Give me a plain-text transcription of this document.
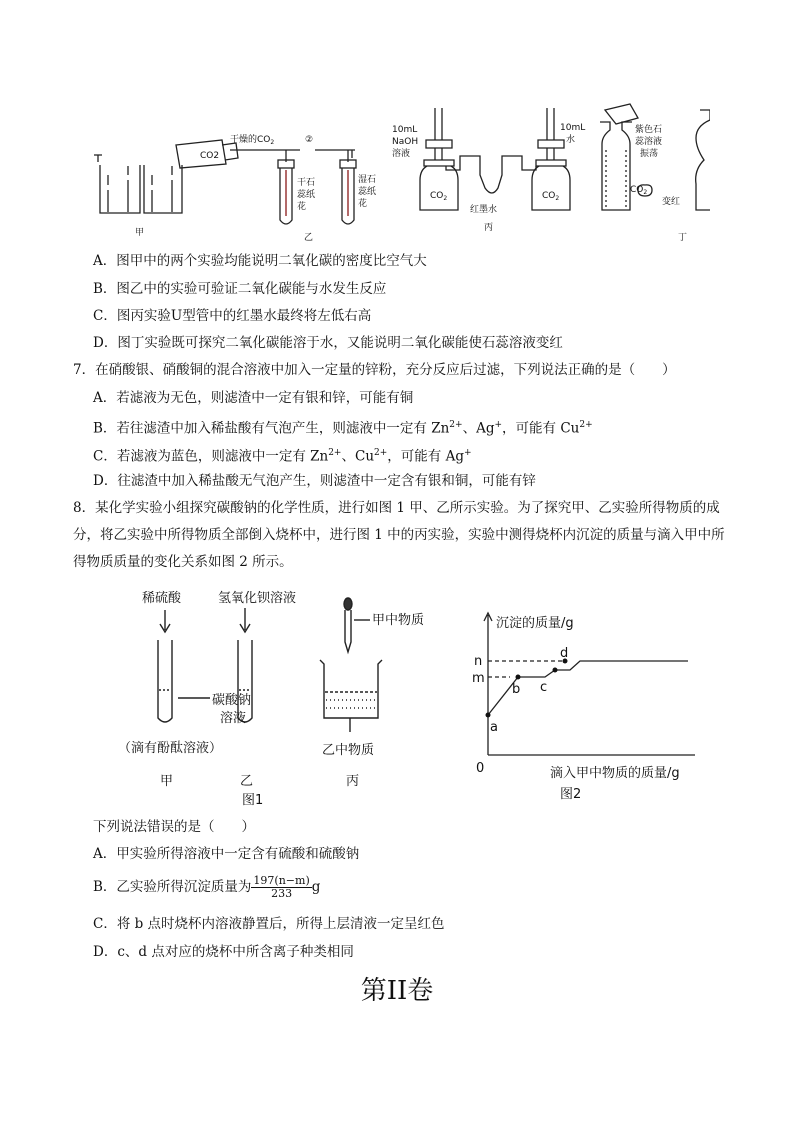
CO2
干燥的$CO_2$	②
干石
蕊纸
花
湿石
蕊纸
花
10mL
NaOH
溶液
10mL
水
$CO_2$	$CO_2$
红墨水
紫色石
蕊溶液
振荡
$CO_2$
变红
甲	乙
丙
丁
A．图甲中的两个实验均能说明二氧化碳的密度比空气大
B．图乙中的实验可验证二氧化碳能与水发生反应
C．图丙实验U型管中的红墨水最终将左低右高
D．图丁实验既可探究二氧化碳能溶于水，又能说明二氧化碳能使石蕊溶液变红
7．在硝酸银、硝酸铜的混合溶液中加入一定量的锌粉，充分反应后过滤，下列说法正确的是（　　）
A．若滤液为无色，则滤渣中一定有银和锌，可能有铜
B．若往滤渣中加入稀盐酸有气泡产生，则滤液中一定有 $Zn^{2+}$、Ag+，可能有 $Cu^{2+}$
C．若滤液为蓝色，则滤液中一定有 $Zn^{2+}$、$Cu^{2+}$，可能有 Ag+
D．往滤渣中加入稀盐酸无气泡产生，则滤渣中一定含有银和铜，可能有锌
8．某化学实验小组探究碳酸钠的化学性质，进行如图 1 甲、乙所示实验。为了探究甲、乙实验所得物质的成分，将乙实验中所得物质全部倒入烧杯中，进行图 1 中的丙实验，实验中测得烧杯内沉淀的质量与滴入甲中所得物质质量的变化关系如图 2 所示。
稀硫酸	氢氧化钡溶液
碳酸钠
溶液
（滴有酚酞溶液）
甲中物质
乙中物质
甲	乙	丙
图1
沉淀的质量/g
n
m
0
a
b c
d
滴入甲中物质的质量/g
图2
下列说法错误的是（　　）
A．甲实验所得溶液中一定含有硫酸和硫酸钠
B．乙实验所得沉淀质量为 $\frac{197(n-m)}{233}$ g
C．将 b 点时烧杯内溶液静置后，所得上层清液一定呈红色
D．c、d 点对应的烧杯中所含离子种类相同
第II卷
